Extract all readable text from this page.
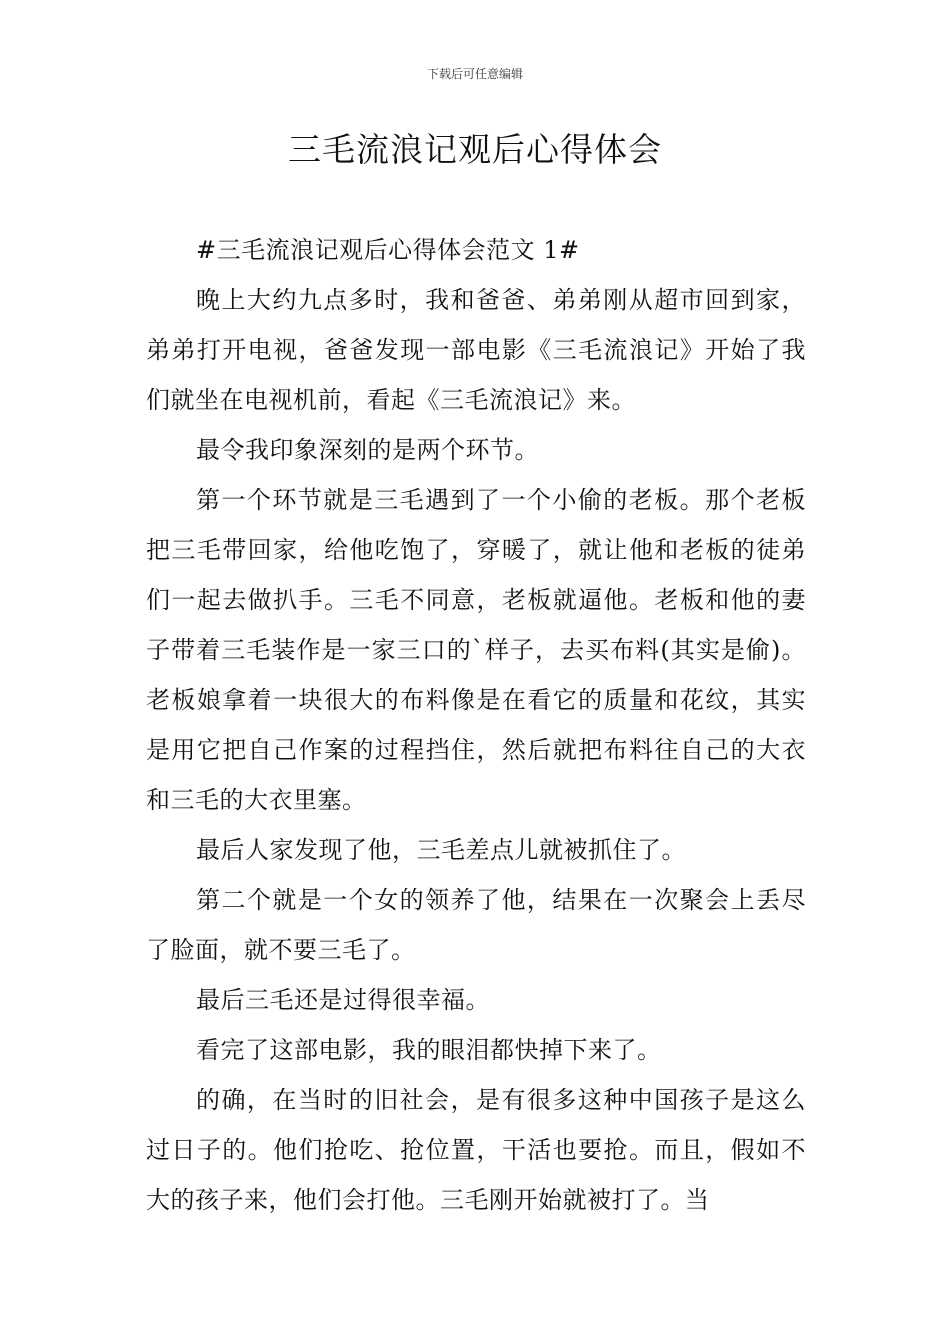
下载后可任意编辑
三毛流浪记观后心得体会

#三毛流浪记观后心得体会范文 1#

晚上大约九点多时，我和爸爸、弟弟刚从超市回到家，弟弟打开电视，爸爸发现一部电影《三毛流浪记》开始了我们就坐在电视机前，看起《三毛流浪记》来。

最令我印象深刻的是两个环节。

第一个环节就是三毛遇到了一个小偷的老板。那个老板把三毛带回家，给他吃饱了，穿暖了，就让他和老板的徒弟们一起去做扒手。三毛不同意，老板就逼他。老板和他的妻子带着三毛装作是一家三口的`样子，去买布料(其实是偷)。老板娘拿着一块很大的布料像是在看它的质量和花纹，其实是用它把自己作案的过程挡住，然后就把布料往自己的大衣和三毛的大衣里塞。

最后人家发现了他，三毛差点儿就被抓住了。

第二个就是一个女的领养了他，结果在一次聚会上丢尽了脸面，就不要三毛了。

最后三毛还是过得很幸福。

看完了这部电影，我的眼泪都快掉下来了。

的确，在当时的旧社会，是有很多这种中国孩子是这么过日子的。他们抢吃、抢位置，干活也要抢。而且，假如不大的孩子来，他们会打他。三毛刚开始就被打了。当
